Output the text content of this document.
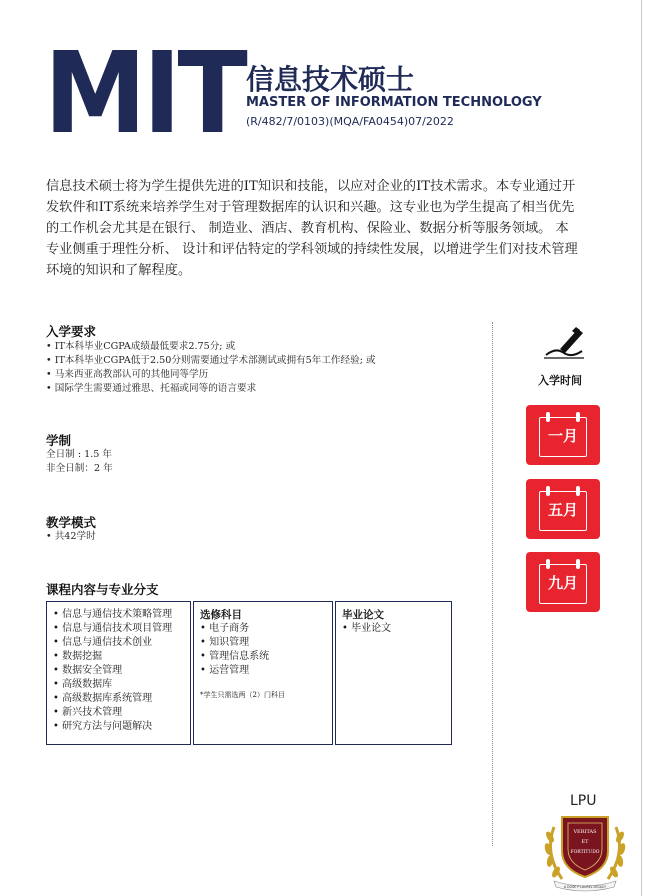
MIT 信息技术硕士
MASTER OF INFORMATION TECHNOLOGY
(R/482/7/0103)(MQA/FA0454)07/2022
信息技术硕士将为学生提供先进的IT知识和技能，以应对企业的IT技术需求。本专业通过开
发软件和IT系统来培养学生对于管理数据库的认识和兴趣。这专业也为学生提高了相当优先
的工作机会尤其是在银行、 制造业、酒店、教育机构、保险业、数据分析等服务领域。 本
专业侧重于理性分析、 设计和评估特定的学科领域的持续性发展，以增进学生们对技术管理
环境的知识和了解程度。
入学要求
• IT本科毕业CGPA成绩最低要求2.75分; 或
• IT本科毕业CGPA低于2.50分则需要通过学术部测试或拥有5年工作经验; 或
• 马来西亚高教部认可的其他同等学历
• 国际学生需要通过雅思、托福或同等的语言要求
学制
全日制 : 1.5 年
非全日制：2 年
教学模式
• 共42学时
课程内容与专业分支
• 信息与通信技术策略管理
• 信息与通信技术项目管理
• 信息与通信技术创业
• 数据挖掘
• 数据安全管理
• 高级数据库
• 高级数据库系统管理
• 新兴技术管理
• 研究方法与问题解决
选修科目
• 电子商务
• 知识管理
• 管理信息系统
• 运营管理
*学生只需选两（2）门科目
毕业论文
• 毕业论文
入学时间
一月
五月
九月
LPU
VERITAS
ET
FORTITUDO
A DOSE P LAUREL LEGACY
